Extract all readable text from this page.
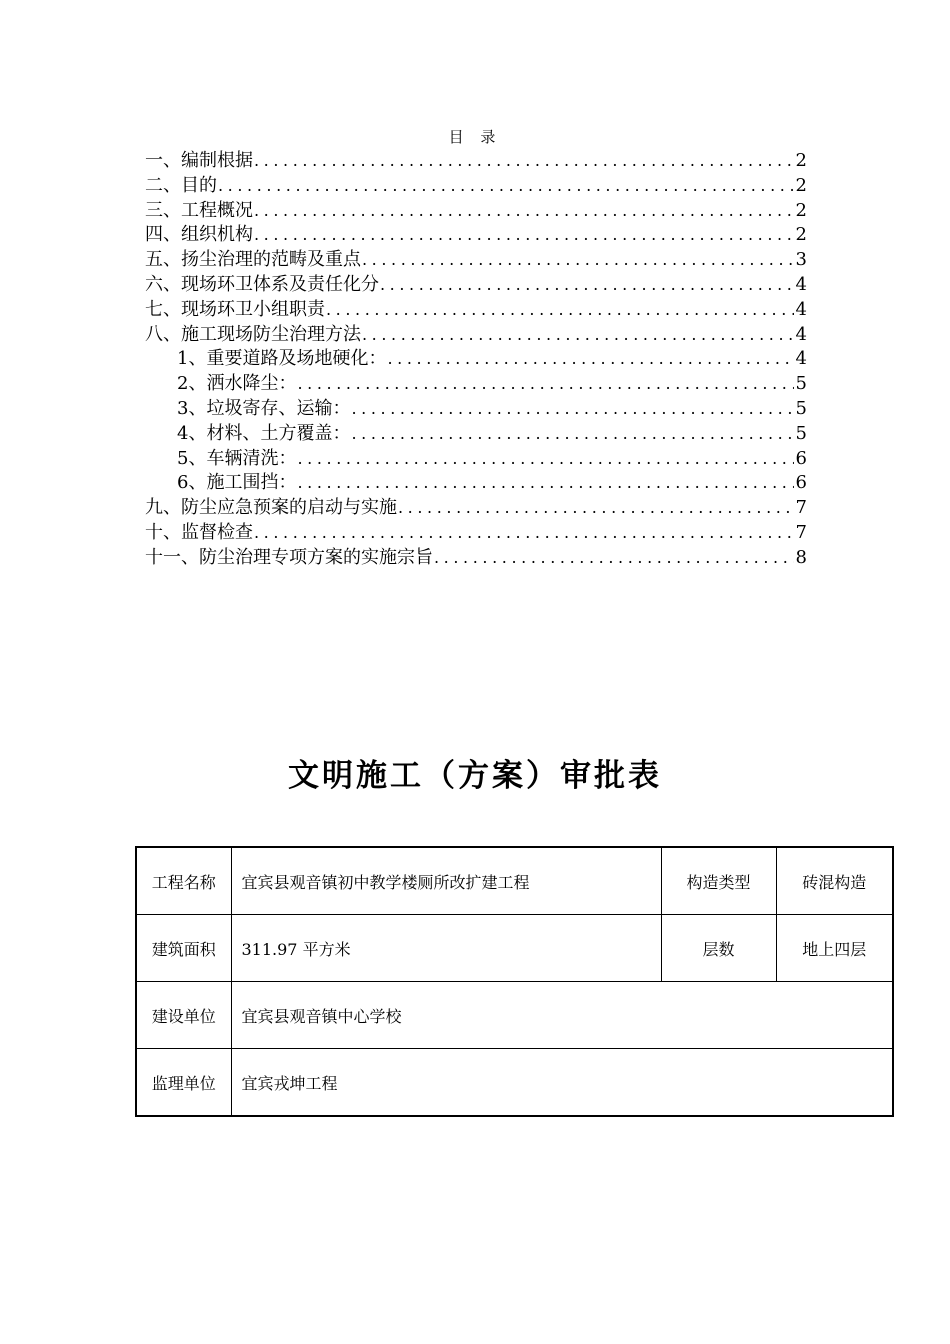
目 录
一、编制根据 .....	2
二、目的 .....	2
三、工程概况 .....	2
四、组织机构 .....	2
五、扬尘治理的范畴及重点 .....	3
六、现场环卫体系及责任化分 .....	4
七、现场环卫小组职责 .....	4
八、施工现场防尘治理方法 .....	4
1、重要道路及场地硬化： .....	4
2、洒水降尘： .....	5
3、垃圾寄存、运输： .....	5
4、材料、土方覆盖： .....	5
5、车辆清洗： .....	6
6、施工围挡： .....	6
九、防尘应急预案的启动与实施 .....	7
十、监督检查 .....	7
十一、防尘治理专项方案的实施宗旨 .....	8
文明施工（方案）审批表
工程名称	宜宾县观音镇初中教学楼厕所改扩建工程	构造类型	砖混构造
建筑面积	311.97 平方米	层数	地上四层
建设单位	宜宾县观音镇中心学校		
监理单位	宜宾戎坤工程		
